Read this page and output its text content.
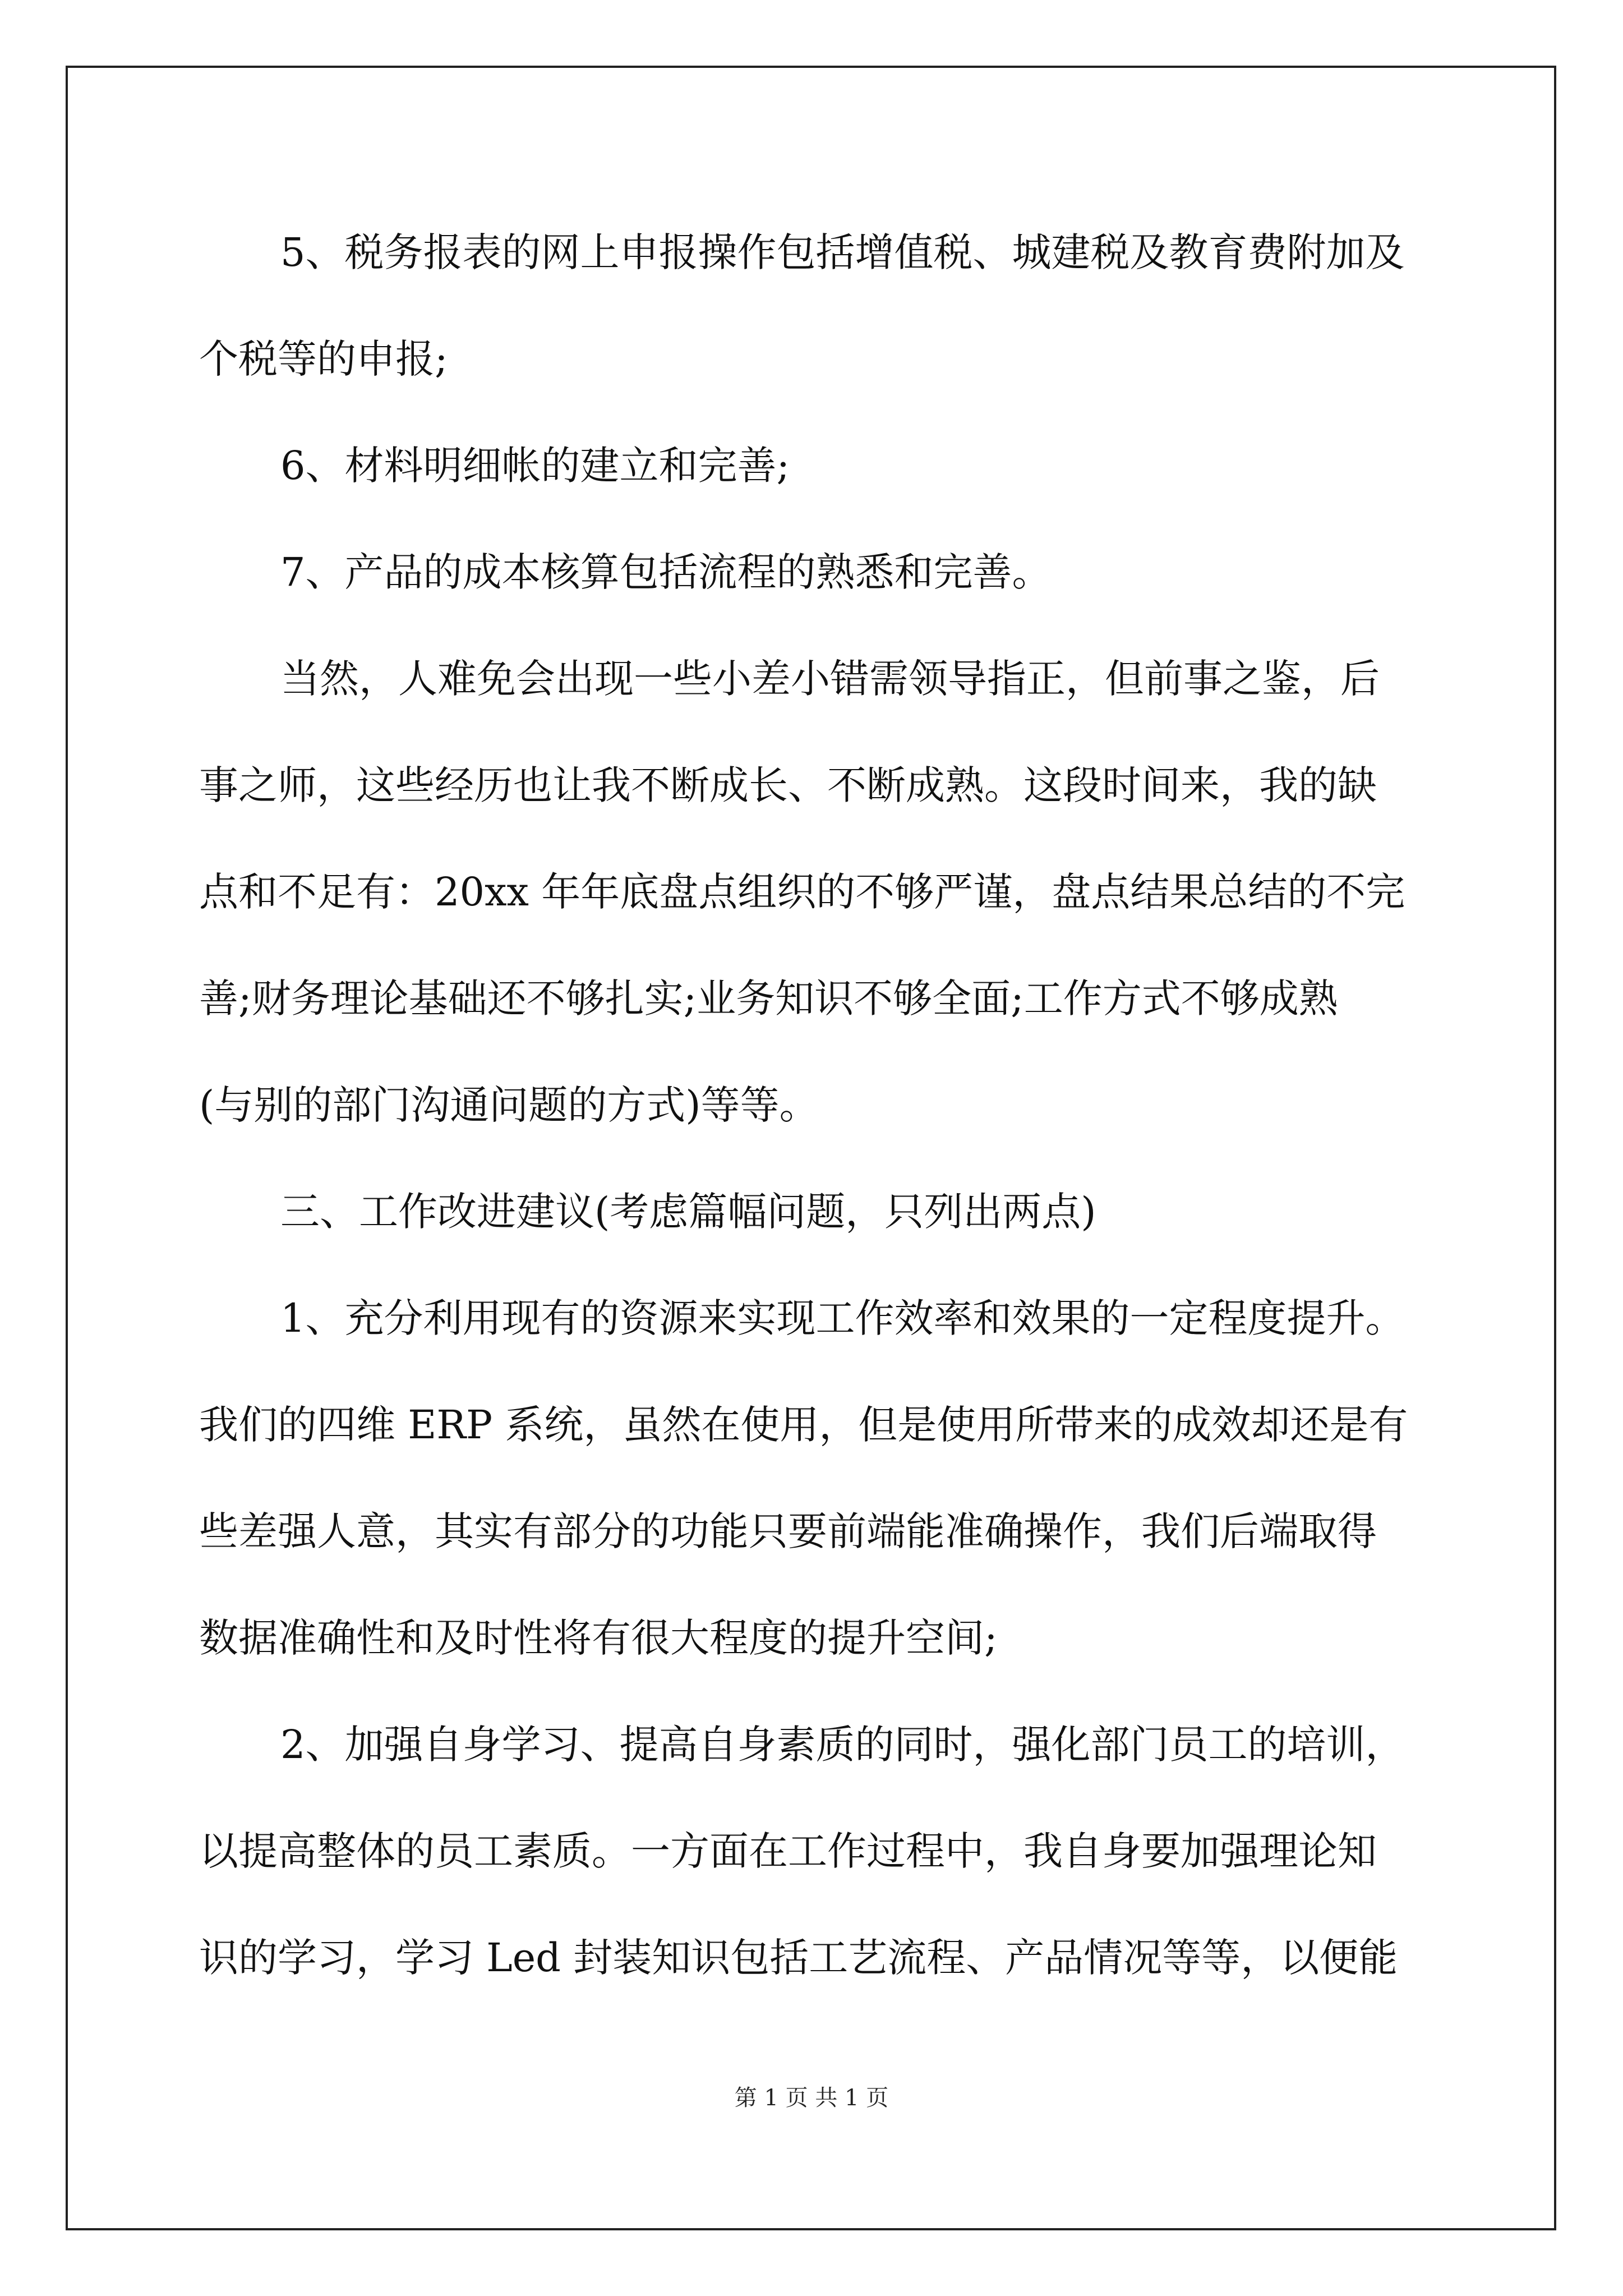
5、税务报表的网上申报操作包括增值税、城建税及教育费附加及
个税等的申报;
6、材料明细帐的建立和完善;
7、产品的成本核算包括流程的熟悉和完善。
当然，人难免会出现一些小差小错需领导指正，但前事之鉴，后
事之师，这些经历也让我不断成长、不断成熟。这段时间来，我的缺
点和不足有：20xx 年年底盘点组织的不够严谨，盘点结果总结的不完
善;财务理论基础还不够扎实;业务知识不够全面;工作方式不够成熟
(与别的部门沟通问题的方式)等等。
三、工作改进建议(考虑篇幅问题，只列出两点)
1、充分利用现有的资源来实现工作效率和效果的一定程度提升。
我们的四维 ERP 系统，虽然在使用，但是使用所带来的成效却还是有
些差强人意，其实有部分的功能只要前端能准确操作，我们后端取得
数据准确性和及时性将有很大程度的提升空间;
2、加强自身学习、提高自身素质的同时，强化部门员工的培训，
以提高整体的员工素质。一方面在工作过程中，我自身要加强理论知
识的学习，学习 Led 封装知识包括工艺流程、产品情况等等，以便能
第 1 页 共 1 页
